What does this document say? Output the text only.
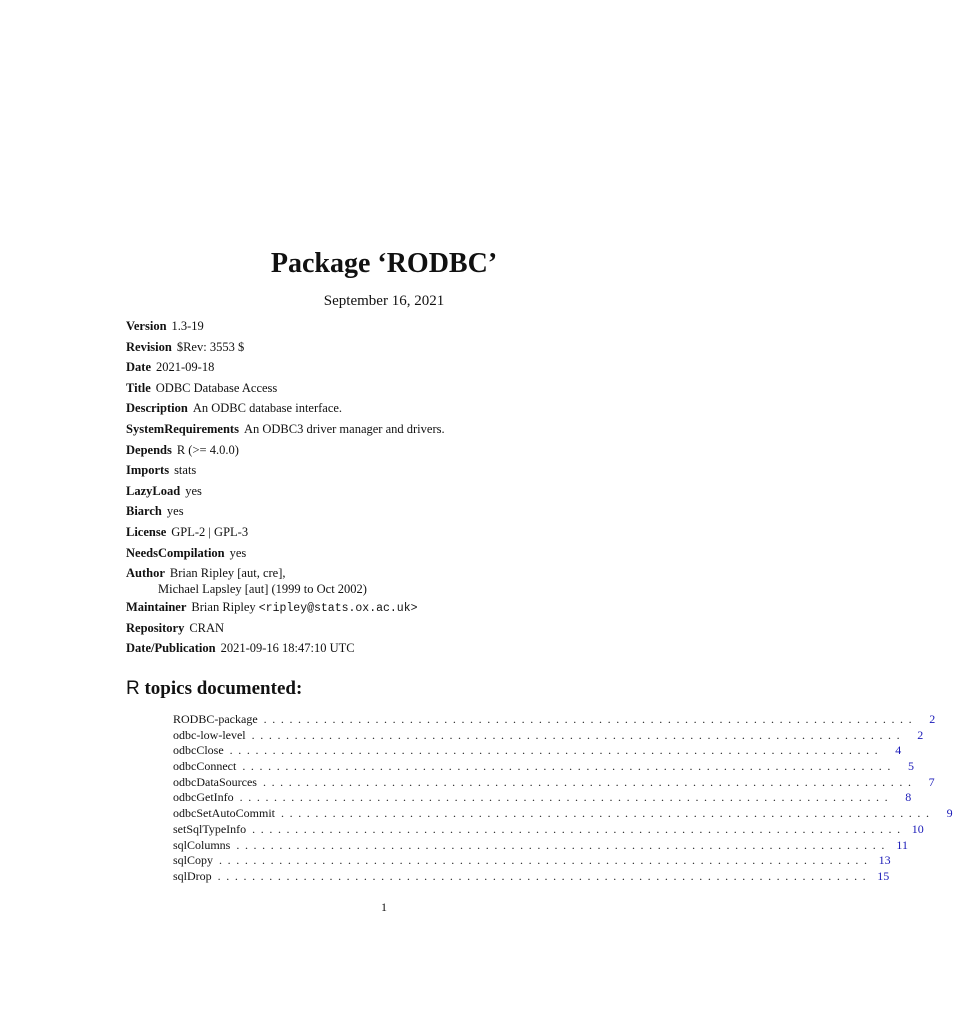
Package ‘RODBC’
September 16, 2021
Version 1.3-19
Revision $Rev: 3553 $
Date 2021-09-18
Title ODBC Database Access
Description An ODBC database interface.
SystemRequirements An ODBC3 driver manager and drivers.
Depends R (>= 4.0.0)
Imports stats
LazyLoad yes
Biarch yes
License GPL-2 | GPL-3
NeedsCompilation yes
Author Brian Ripley [aut, cre],
Michael Lapsley [aut] (1999 to Oct 2002)
Maintainer Brian Ripley <ripley@stats.ox.ac.uk>
Repository CRAN
Date/Publication 2021-09-16 18:47:10 UTC
R topics documented:
RODBC-package ............................................................................	2
odbc-low-level ............................................................................	2
odbcClose ............................................................................	4
odbcConnect ............................................................................	5
odbcDataSources ............................................................................	7
odbcGetInfo ............................................................................	8
odbcSetAutoCommit ............................................................................	9
setSqlTypeInfo ............................................................................ 10
sqlColumns ............................................................................ 11
sqlCopy ............................................................................ 13
sqlDrop ............................................................................ 15
1
